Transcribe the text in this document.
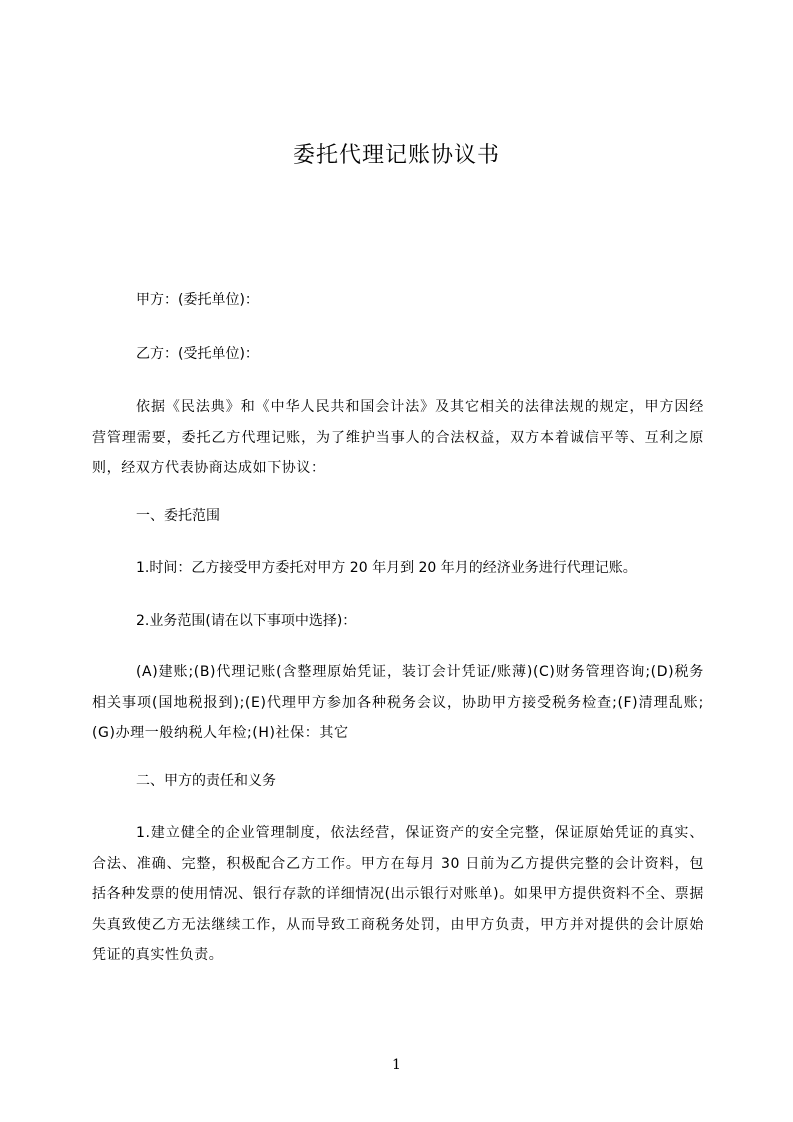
委托代理记账协议书
甲方：(委托单位)：
乙方：(受托单位)：
依据《民法典》和《中华人民共和国会计法》及其它相关的法律法规的规定，甲方因经营管理需要，委托乙方代理记账，为了维护当事人的合法权益，双方本着诚信平等、互利之原则，经双方代表协商达成如下协议：
一、委托范围
1.时间：乙方接受甲方委托对甲方 20 年月到 20 年月的经济业务进行代理记账。
2.业务范围(请在以下事项中选择)：
(A)建账;(B)代理记账(含整理原始凭证，装订会计凭证/账薄)(C)财务管理咨询;(D)税务相关事项(国地税报到);(E)代理甲方参加各种税务会议，协助甲方接受税务检查;(F)清理乱账;(G)办理一般纳税人年检;(H)社保：其它
二、甲方的责任和义务
1.建立健全的企业管理制度，依法经营，保证资产的安全完整，保证原始凭证的真实、合法、准确、完整，积极配合乙方工作。甲方在每月 30 日前为乙方提供完整的会计资料，包括各种发票的使用情况、银行存款的详细情况(出示银行对账单)。如果甲方提供资料不全、票据失真致使乙方无法继续工作，从而导致工商税务处罚，由甲方负责，甲方并对提供的会计原始凭证的真实性负责。
1
